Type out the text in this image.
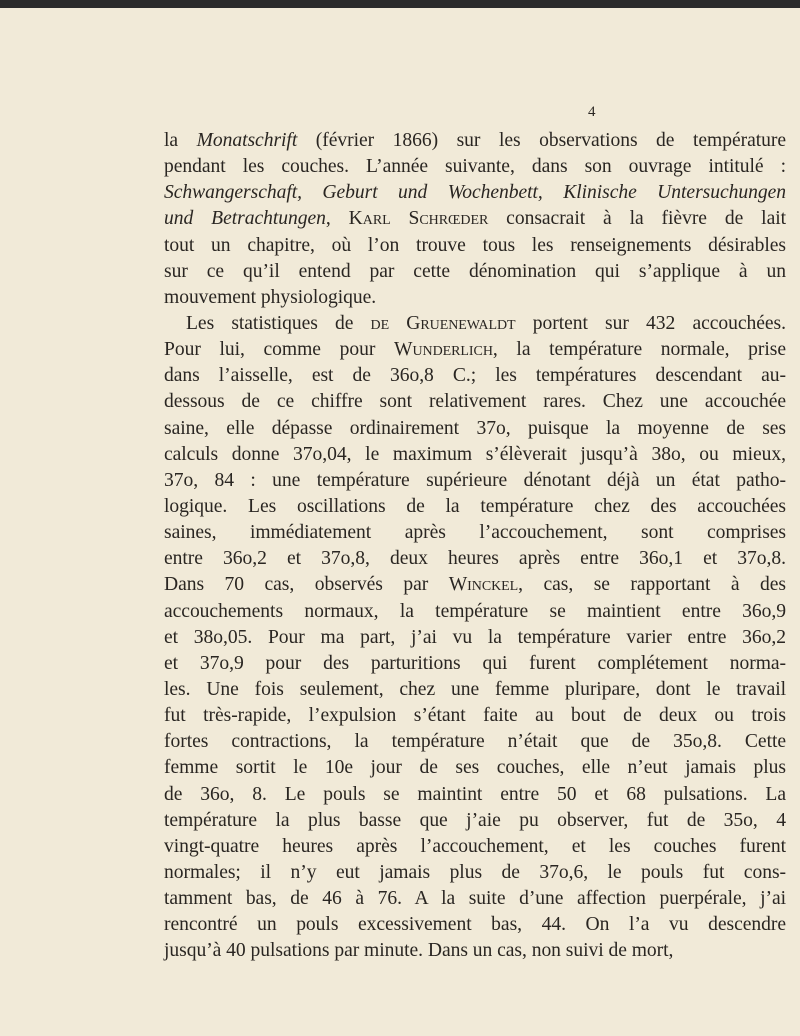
4
la Monatschrift (février 1866) sur les observations de température
pendant les couches. L’année suivante, dans son ouvrage intitulé :
Schwangerschaft, Geburt und Wochenbett, Klinische Untersuchungen
und Betrachtungen, Karl Schrœder consacrait à la fièvre de lait
tout un chapitre, où l’on trouve tous les renseignements désirables
sur ce qu’il entend par cette dénomination qui s’applique à un
mouvement physiologique.
Les statistiques de de Gruenewaldt portent sur 432 accouchées.
Pour lui, comme pour Wunderlich, la température normale, prise
dans l’aisselle, est de 36o,8 C.; les températures descendant au-
dessous de ce chiffre sont relativement rares. Chez une accouchée
saine, elle dépasse ordinairement 37o, puisque la moyenne de ses
calculs donne 37o,04, le maximum s’élèverait jusqu’à 38o, ou mieux,
37o, 84 : une température supérieure dénotant déjà un état patho-
logique. Les oscillations de la température chez des accouchées
saines, immédiatement après l’accouchement, sont comprises
entre 36o,2 et 37o,8, deux heures après entre 36o,1 et 37o,8.
Dans 70 cas, observés par Winckel, cas, se rapportant à des
accouchements normaux, la température se maintient entre 36o,9
et 38o,05. Pour ma part, j’ai vu la température varier entre 36o,2
et 37o,9 pour des parturitions qui furent complétement norma-
les. Une fois seulement, chez une femme pluripare, dont le travail
fut très-rapide, l’expulsion s’étant faite au bout de deux ou trois
fortes contractions, la température n’était que de 35o,8. Cette
femme sortit le 10e jour de ses couches, elle n’eut jamais plus
de 36o, 8. Le pouls se maintint entre 50 et 68 pulsations. La
température la plus basse que j’aie pu observer, fut de 35o, 4
vingt-quatre heures après l’accouchement, et les couches furent
normales; il n’y eut jamais plus de 37o,6, le pouls fut cons-
tamment bas, de 46 à 76. A la suite d’une affection puerpérale, j’ai
rencontré un pouls excessivement bas, 44. On l’a vu descendre
jusqu’à 40 pulsations par minute. Dans un cas, non suivi de mort,
